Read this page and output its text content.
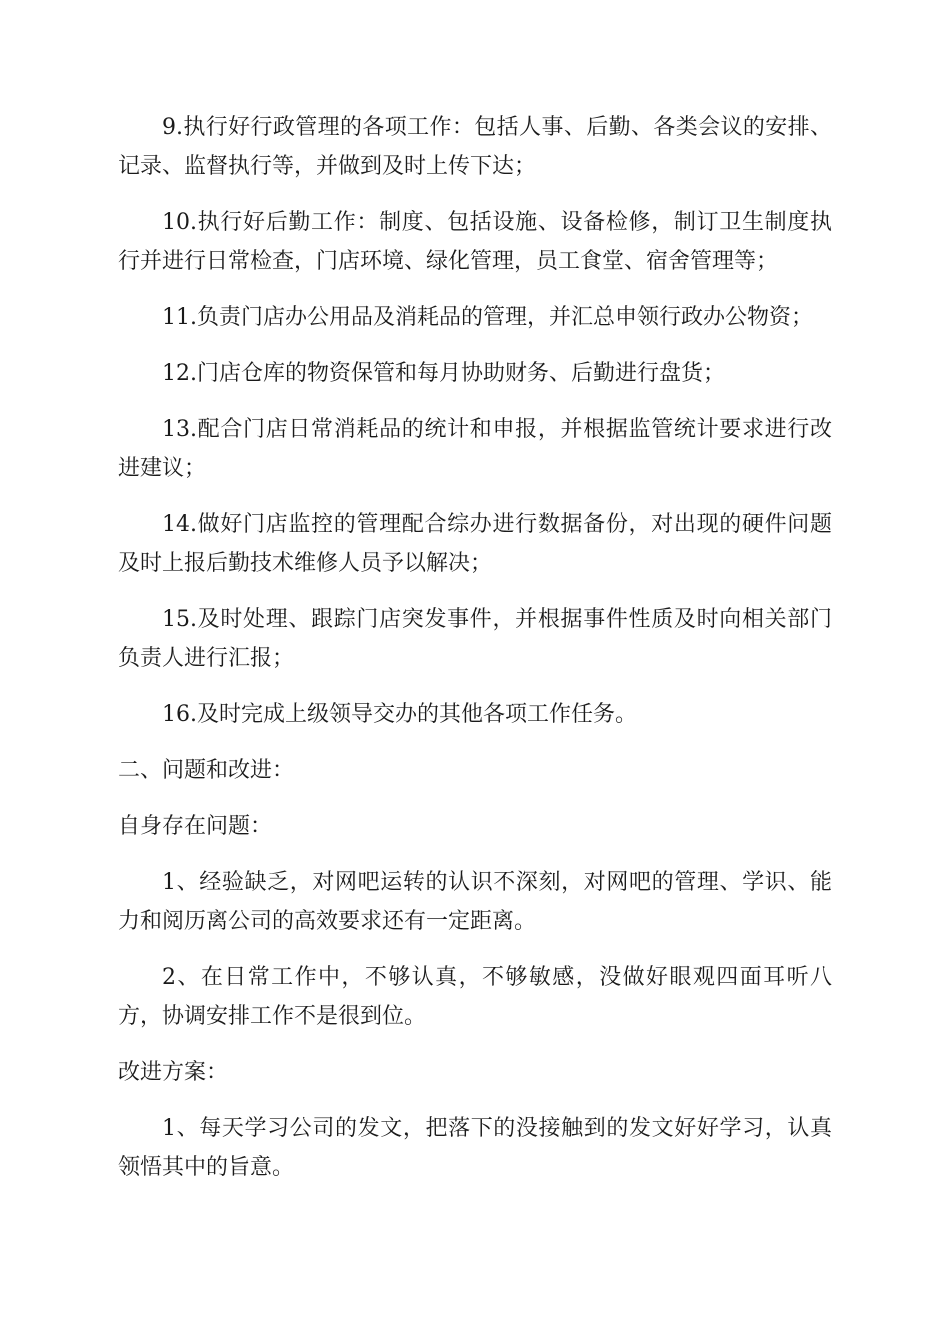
9.执行好行政管理的各项工作：包括人事、后勤、各类会议的安排、记录、监督执行等，并做到及时上传下达；

10.执行好后勤工作：制度、包括设施、设备检修，制订卫生制度执行并进行日常检查，门店环境、绿化管理，员工食堂、宿舍管理等；

11.负责门店办公用品及消耗品的管理，并汇总申领行政办公物资；

12.门店仓库的物资保管和每月协助财务、后勤进行盘货；

13.配合门店日常消耗品的统计和申报，并根据监管统计要求进行改进建议；

14.做好门店监控的管理配合综办进行数据备份，对出现的硬件问题及时上报后勤技术维修人员予以解决；

15.及时处理、跟踪门店突发事件，并根据事件性质及时向相关部门负责人进行汇报；

16.及时完成上级领导交办的其他各项工作任务。

二、问题和改进：

自身存在问题：

1、经验缺乏，对网吧运转的认识不深刻，对网吧的管理、学识、能力和阅历离公司的高效要求还有一定距离。

2、在日常工作中，不够认真，不够敏感，没做好眼观四面耳听八方，协调安排工作不是很到位。

改进方案：

1、每天学习公司的发文，把落下的没接触到的发文好好学习，认真领悟其中的旨意。
